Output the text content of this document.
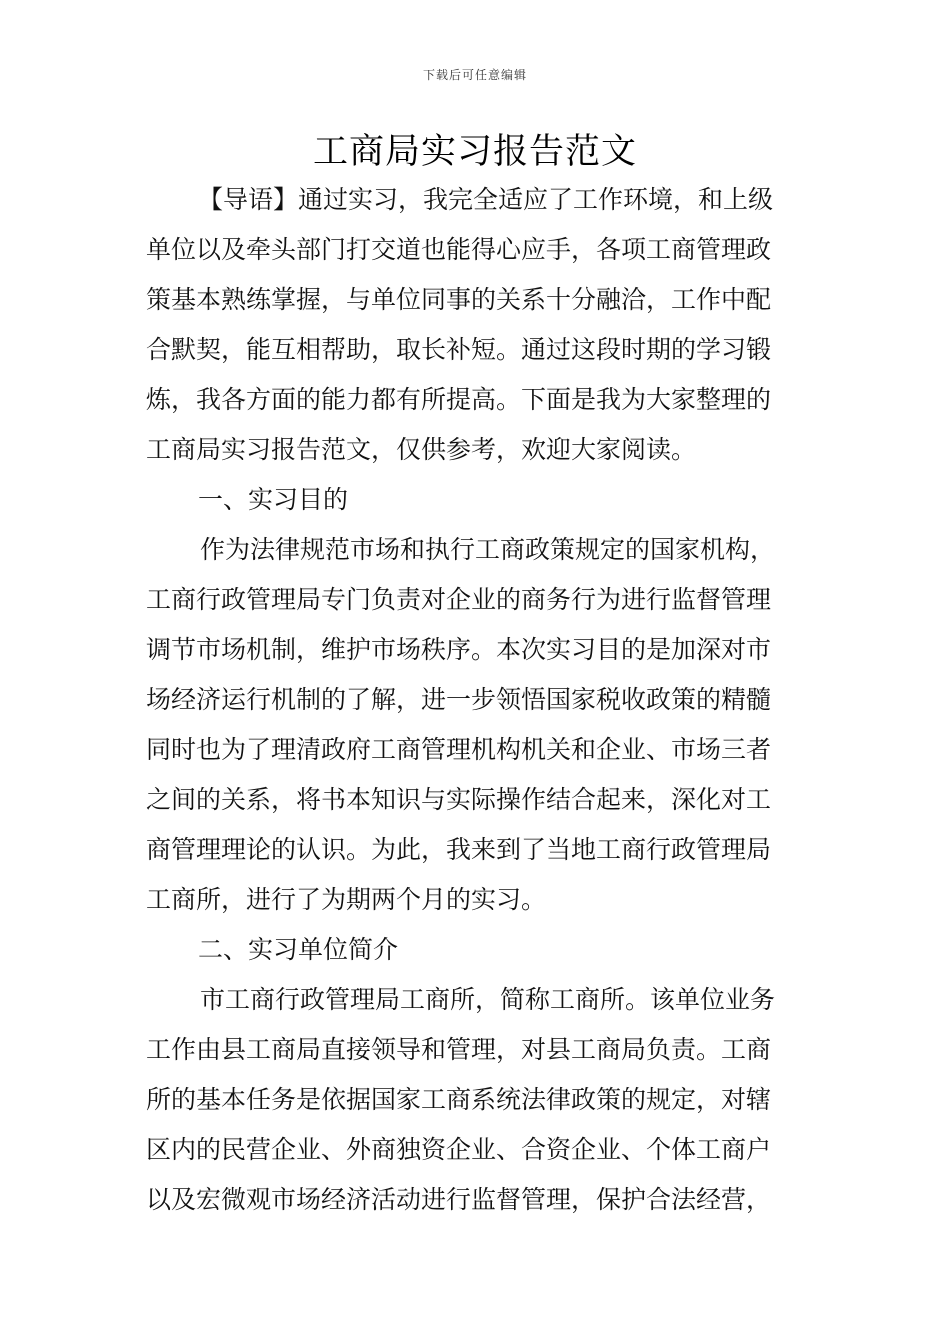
下载后可任意编辑
工商局实习报告范文
【导语】通过实习，我完全适应了工作环境，和上级
单位以及牵头部门打交道也能得心应手，各项工商管理政
策基本熟练掌握，与单位同事的关系十分融洽，工作中配
合默契，能互相帮助，取长补短。通过这段时期的学习锻
炼，我各方面的能力都有所提高。下面是我为大家整理的
工商局实习报告范文，仅供参考，欢迎大家阅读。
一、实习目的
作为法律规范市场和执行工商政策规定的国家机构，
工商行政管理局专门负责对企业的商务行为进行监督管理
调节市场机制，维护市场秩序。本次实习目的是加深对市
场经济运行机制的了解，进一步领悟国家税收政策的精髓
同时也为了理清政府工商管理机构机关和企业、市场三者
之间的关系，将书本知识与实际操作结合起来，深化对工
商管理理论的认识。为此，我来到了当地工商行政管理局
工商所，进行了为期两个月的实习。
二、实习单位简介
市工商行政管理局工商所，简称工商所。该单位业务
工作由县工商局直接领导和管理，对县工商局负责。工商
所的基本任务是依据国家工商系统法律政策的规定，对辖
区内的民营企业、外商独资企业、合资企业、个体工商户
以及宏微观市场经济活动进行监督管理，保护合法经营，
